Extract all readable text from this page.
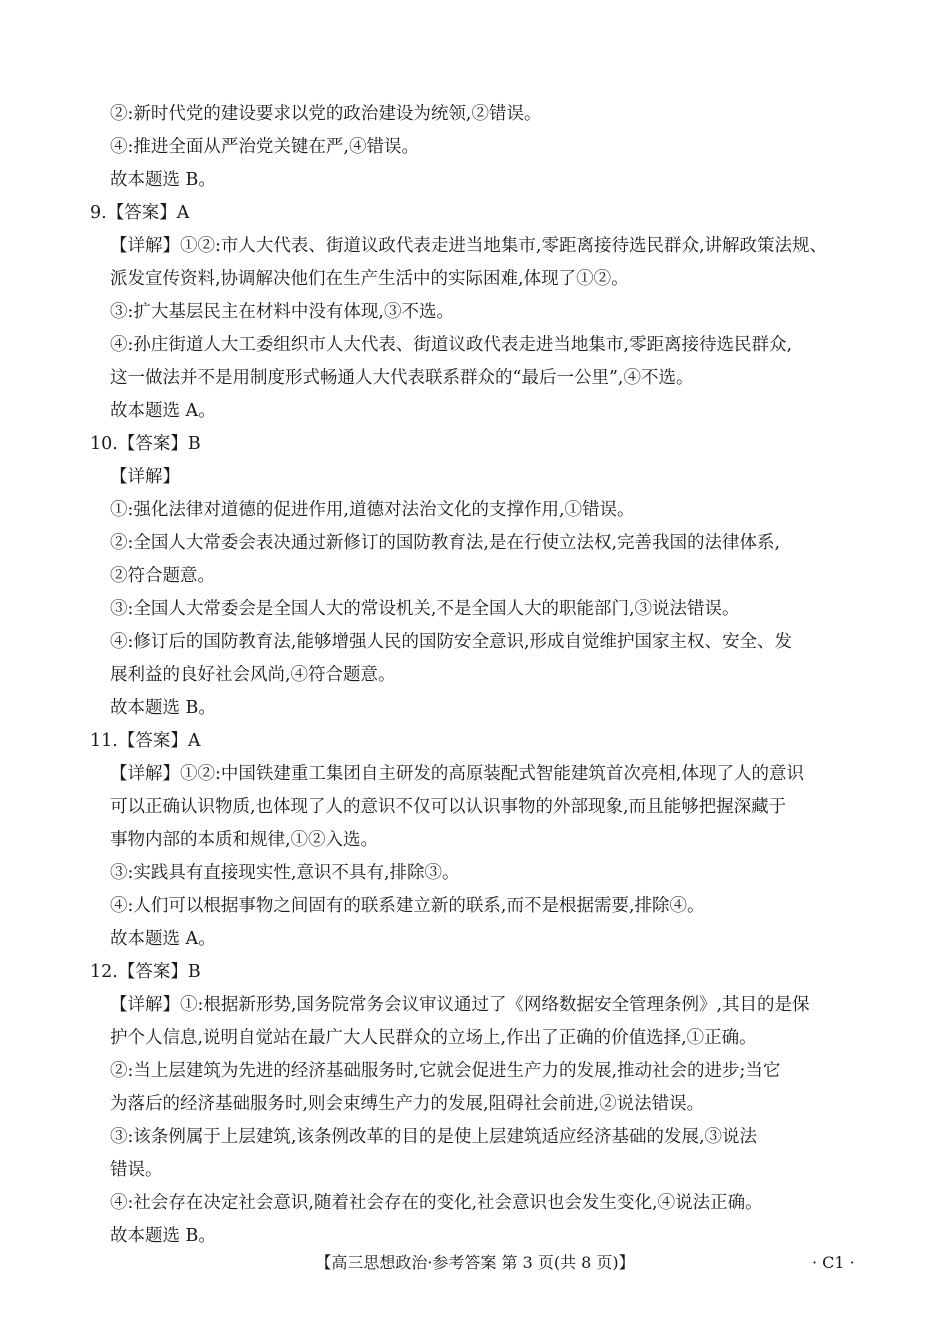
②:新时代党的建设要求以党的政治建设为统领,②错误。
④:推进全面从严治党关键在严,④错误。
故本题选 B。
9.【答案】A
【详解】①②:市人大代表、街道议政代表走进当地集市,零距离接待选民群众,讲解政策法规、
派发宣传资料,协调解决他们在生产生活中的实际困难,体现了①②。
③:扩大基层民主在材料中没有体现,③不选。
④:孙庄街道人大工委组织市人大代表、街道议政代表走进当地集市,零距离接待选民群众,
这一做法并不是用制度形式畅通人大代表联系群众的“最后一公里”,④不选。
故本题选 A。
10.【答案】B
【详解】
①:强化法律对道德的促进作用,道德对法治文化的支撑作用,①错误。
②:全国人大常委会表决通过新修订的国防教育法,是在行使立法权,完善我国的法律体系,
②符合题意。
③:全国人大常委会是全国人大的常设机关,不是全国人大的职能部门,③说法错误。
④:修订后的国防教育法,能够增强人民的国防安全意识,形成自觉维护国家主权、安全、发
展利益的良好社会风尚,④符合题意。
故本题选 B。
11.【答案】A
【详解】①②:中国铁建重工集团自主研发的高原装配式智能建筑首次亮相,体现了人的意识
可以正确认识物质,也体现了人的意识不仅可以认识事物的外部现象,而且能够把握深藏于
事物内部的本质和规律,①②入选。
③:实践具有直接现实性,意识不具有,排除③。
④:人们可以根据事物之间固有的联系建立新的联系,而不是根据需要,排除④。
故本题选 A。
12.【答案】B
【详解】①:根据新形势,国务院常务会议审议通过了《网络数据安全管理条例》,其目的是保
护个人信息,说明自觉站在最广大人民群众的立场上,作出了正确的价值选择,①正确。
②:当上层建筑为先进的经济基础服务时,它就会促进生产力的发展,推动社会的进步;当它
为落后的经济基础服务时,则会束缚生产力的发展,阻碍社会前进,②说法错误。
③:该条例属于上层建筑,该条例改革的目的是使上层建筑适应经济基础的发展,③说法
错误。
④:社会存在决定社会意识,随着社会存在的变化,社会意识也会发生变化,④说法正确。
故本题选 B。
【高三思想政治·参考答案 第 3 页(共 8 页)】	· C1 ·
